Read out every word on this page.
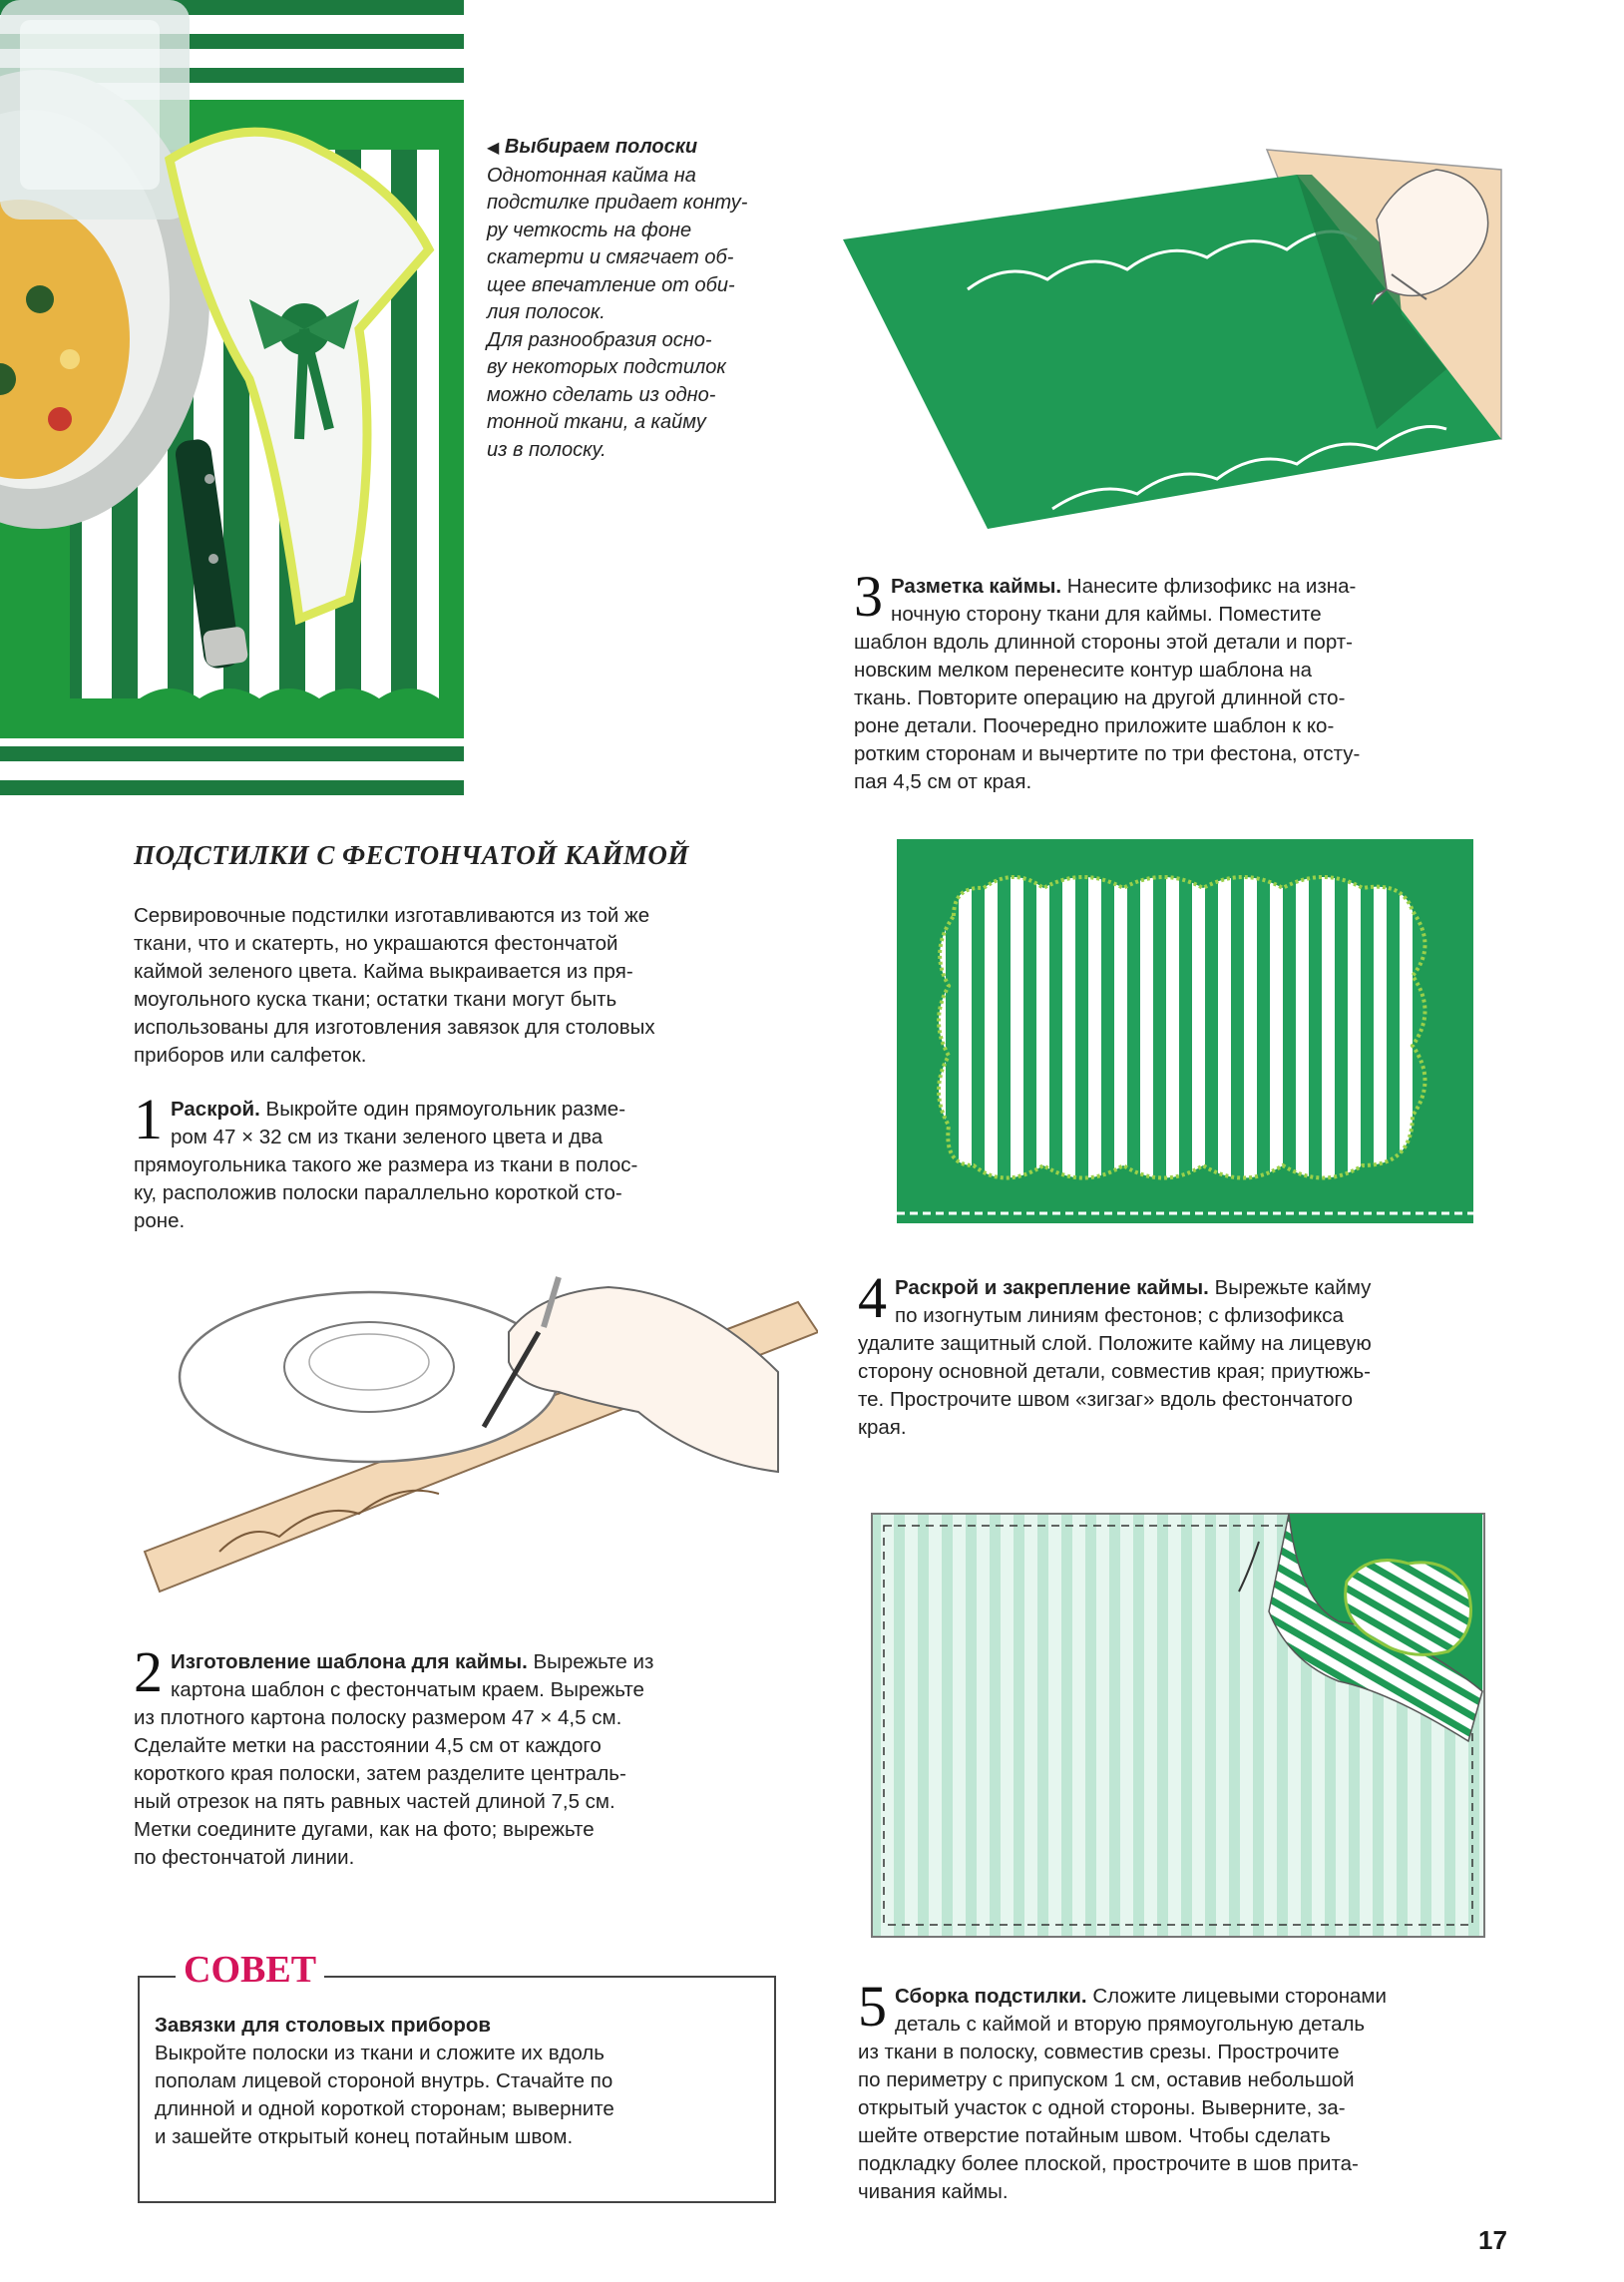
◀ Выбираем полоски
Однотонная кайма на
подстилке придает конту-
ру четкость на фоне
скатерти и смягчает об-
щее впечатление от оби-
лия полосок.
Для разнообразия осно-
ву некоторых подстилок
можно сделать из одно-
тонной ткани, а кайму
из в полоску.
3 Разметка каймы. Нанесите флизофикс на изна-
ночную сторону ткани для каймы. Поместите
шаблон вдоль длинной стороны этой детали и порт-
новским мелком перенесите контур шаблона на
ткань. Повторите операцию на другой длинной сто-
роне детали. Поочередно приложите шаблон к ко-
ротким сторонам и вычертите по три фестона, отсту-
пая 4,5 см от края.
ПОДСТИЛКИ С ФЕСТОНЧАТОЙ КАЙМОЙ
Сервировочные подстилки изготавливаются из той же
ткани, что и скатерть, но украшаются фестончатой
каймой зеленого цвета. Кайма выкраивается из пря-
моугольного куска ткани; остатки ткани могут быть
использованы для изготовления завязок для столовых
приборов или салфеток.
1 Раскрой. Выкройте один прямоугольник разме-
ром 47 × 32 см из ткани зеленого цвета и два
прямоугольника такого же размера из ткани в полос-
ку, расположив полоски параллельно короткой сто-
роне.
4 Раскрой и закрепление каймы. Вырежьте кайму
по изогнутым линиям фестонов; с флизофикса
удалите защитный слой. Положите кайму на лицевую
сторону основной детали, совместив края; приутюжь-
те. Прострочите швом «зигзаг» вдоль фестончатого
края.
2 Изготовление шаблона для каймы. Вырежьте из
картона шаблон с фестончатым краем. Вырежьте
из плотного картона полоску размером 47 × 4,5 см.
Сделайте метки на расстоянии 4,5 см от каждого
короткого края полоски, затем разделите централь-
ный отрезок на пять равных частей длиной 7,5 см.
Метки соедините дугами, как на фото; вырежьте
по фестончатой линии.
СОВЕТ
Завязки для столовых приборов
Выкройте полоски из ткани и сложите их вдоль
пополам лицевой стороной внутрь. Стачайте по
длинной и одной короткой сторонам; выверните
и зашейте открытый конец потайным швом.
5 Сборка подстилки. Сложите лицевыми сторонами
деталь с каймой и вторую прямоугольную деталь
из ткани в полоску, совместив срезы. Прострочите
по периметру с припуском 1 см, оставив небольшой
открытый участок с одной стороны. Выверните, за-
шейте отверстие потайным швом. Чтобы сделать
подкладку более плоской, прострочите в шов прита-
чивания каймы.
17
